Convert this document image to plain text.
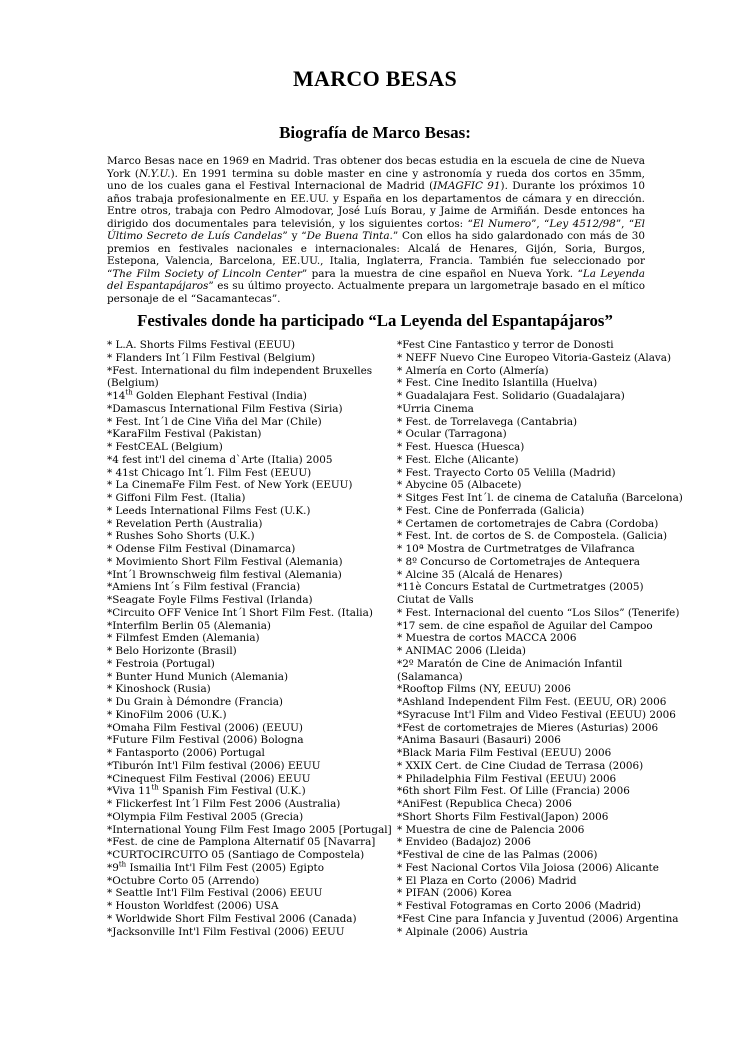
MARCO BESAS
Biografía de Marco Besas:

Marco Besas nace en 1969 en Madrid. Tras obtener dos becas estudia en la escuela de cine de Nueva York (N.Y.U.). En 1991 termina su doble master en cine y astronomía y rueda dos cortos en 35mm, uno de los cuales gana el Festival Internacional de Madrid (IMAGFIC 91). Durante los próximos 10 años trabaja profesionalmente en EE.UU. y España en los departamentos de cámara y en dirección. Entre otros, trabaja con Pedro Almodovar, José Luís Borau, y Jaime de Armiñán. Desde entonces ha dirigido dos documentales para televisión, y los siguientes cortos: “El Numero”, “Ley 4512/98”, “El Último Secreto de Luís Candelas” y “De Buena Tinta.” Con ellos ha sido galardonado con más de 30 premios en festivales nacionales e internacionales: Alcalá de Henares, Gijón, Soria, Burgos, Estepona, Valencia, Barcelona, EE.UU., Italia, Inglaterra, Francia. También fue seleccionado por “The Film Society of Lincoln Center” para la muestra de cine español en Nueva York. “La Leyenda del Espantapájaros” es su último proyecto. Actualmente prepara un largometraje basado en el mítico personaje de el “Sacamantecas”.

Festivales donde ha participado “La Leyenda del Espantapájaros”
* L.A. Shorts Films Festival (EEUU)
* Flanders Int´l Film Festival (Belgium)
*Fest. International du film independent Bruxelles (Belgium)
*14th Golden Elephant Festival (India)
*Damascus International Film Festiva (Siria)
* Fest. Int´l de Cine Viña del Mar (Chile)
*KaraFilm Festival (Pakistan)
* FestCEAL (Belgium)
*4 fest int'l del cinema d`Arte (Italia) 2005
* 41st Chicago Int´l. Film Fest (EEUU)
* La CinemaFe Film Fest. of New York (EEUU)
* Giffoni Film Fest. (Italia)
* Leeds International Films Fest (U.K.)
* Revelation Perth (Australia)
* Rushes Soho Shorts (U.K.)
* Odense Film Festival (Dinamarca)
* Movimiento Short Film Festival (Alemania)
*Int´l Brownschweig film festival (Alemania)
*Amiens Int´s Film festival (Francia)
*Seagate Foyle Films Festival (Irlanda)
*Circuito OFF Venice Int´l Short Film Fest. (Italia)
*Interfilm Berlin 05 (Alemania)
* Filmfest Emden (Alemania)
* Belo Horizonte (Brasil)
* Festroia (Portugal)
* Bunter Hund Munich (Alemania)
* Kinoshock (Rusia)
* Du Grain à Démondre (Francia)
* KinoFilm 2006 (U.K.)
*Omaha Film Festival (2006) (EEUU)
*Future Film Festival (2006) Bologna
* Fantasporto (2006) Portugal
*Tiburón Int'l Film festival (2006) EEUU
*Cinequest Film Festival (2006) EEUU
*Viva 11th Spanish Fim Festival (U.K.)
* Flickerfest Int´l Film Fest 2006 (Australia)
*Olympia Film Festival 2005 (Grecia)
*International Young Film Fest Imago 2005 [Portugal]
*Fest. de cine de Pamplona Alternatif 05 [Navarra]
*CURTOCIRCUITO 05 (Santiago de Compostela)
*9th Ismailia Int'l Film Fest (2005) Egipto
*Octubre Corto 05 (Arrendo)
* Seattle Int'l Film Festival (2006) EEUU
* Houston Worldfest (2006) USA
* Worldwide Short Film Festival 2006 (Canada)
*Jacksonville Int'l Film Festival (2006) EEUU
*Fest Cine Fantastico y terror de Donosti
* NEFF Nuevo Cine Europeo Vitoria-Gasteiz (Alava)
* Almería en Corto (Almería)
* Fest. Cine Inedito Islantilla (Huelva)
* Guadalajara Fest. Solidario (Guadalajara)
*Urria Cinema
* Fest. de Torrelavega (Cantabria)
* Ocular (Tarragona)
* Fest. Huesca (Huesca)
* Fest. Elche (Alicante)
* Fest. Trayecto Corto 05 Velilla (Madrid)
* Abycine 05 (Albacete)
* Sitges Fest Int´l. de cinema de Cataluña (Barcelona)
* Fest. Cine de Ponferrada (Galicia)
* Certamen de cortometrajes de Cabra (Cordoba)
* Fest. Int. de cortos de S. de Compostela. (Galicia)
* 10ª Mostra de Curtmetratges de Vilafranca
* 8º Concurso de Cortometrajes de Antequera
* Alcine 35 (Alcalá de Henares)
*11è Concurs Estatal de Curtmetratges (2005) Ciutat de Valls
* Fest. Internacional del cuento “Los Silos” (Tenerife)
*17 sem. de cine español de Aguilar del Campoo
* Muestra de cortos MACCA 2006
* ANIMAC 2006 (Lleida)
*2º Maratón de Cine de Animación Infantil (Salamanca)
*Rooftop Films (NY, EEUU) 2006
*Ashland Independent Film Fest. (EEUU, OR) 2006
*Syracuse Int'l Film and Video Festival (EEUU) 2006
*Fest de cortometrajes de Mieres (Asturias) 2006
*Anima Basauri (Basauri) 2006
*Black Maria Film Festival (EEUU) 2006
* XXIX Cert. de Cine Ciudad de Terrasa (2006)
* Philadelphia Film Festival (EEUU) 2006
*6th short Film Fest. Of Lille (Francia) 2006
*AniFest (Republica Checa) 2006
*Short Shorts Film Festival(Japon) 2006
* Muestra de cine de Palencia 2006
* Envideo (Badajoz) 2006
*Festival de cine de las Palmas (2006)
* Fest Nacional Cortos Vila Joiosa (2006) Alicante
* El Plaza en Corto (2006) Madrid
* PIFAN (2006) Korea
* Festival Fotogramas en Corto 2006 (Madrid)
*Fest Cine para Infancia y Juventud (2006) Argentina
* Alpinale (2006) Austria
